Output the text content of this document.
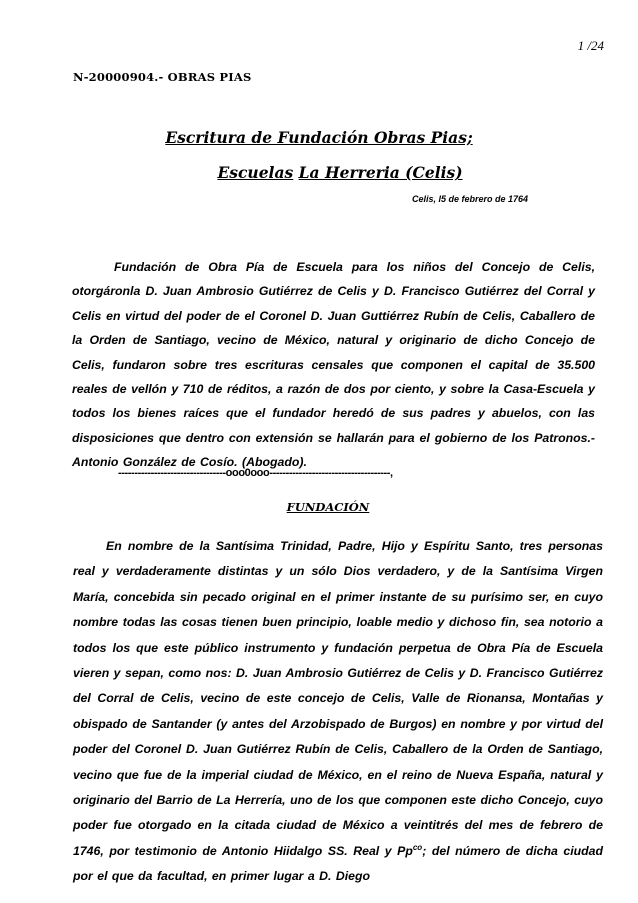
1 /24
N-20000904.- OBRAS PIAS
Escritura de Fundación Obras Pias;
Escuelas La Herreria (Celis)
Celis, l5 de febrero de 1764
Fundación de Obra Pía de Escuela para los niños del Concejo de Celis, otorgáronla D. Juan Ambrosio Gutiérrez de Celis y D. Francisco Gutiérrez del Corral y Celis en virtud del poder de el Coronel D. Juan Guttiérrez Rubín de Celis, Caballero de la Orden de Santiago, vecino de México, natural y originario de dicho Concejo de Celis, fundaron sobre tres escrituras censales que componen el capital de 35.500 reales de vellón y 710 de réditos, a razón de dos por ciento, y sobre la Casa-Escuela y todos los bienes raíces que el fundador heredó de sus padres y abuelos, con las disposiciones que dentro con extensión se hallarán para el gobierno de los Patronos.- Antonio González de Cosío. (Abogado).
---------------------------------ooo0ooo-------------------------------------,
FUNDACIÓN
En nombre de la Santísima Trinidad, Padre, Hijo y Espíritu Santo, tres personas real y verdaderamente distintas y un sólo Dios verdadero, y de la Santísima Virgen María, concebida sin pecado original en el primer instante de su purísimo ser, en cuyo nombre todas las cosas tienen buen principio, loable medio y dichoso fin, sea notorio a todos los que este público instrumento y fundación perpetua de Obra Pía de Escuela vieren y sepan, como nos: D. Juan Ambrosio Gutiérrez de Celis y D. Francisco Gutiérrez del Corral de Celis, vecino de este concejo de Celis, Valle de Rionansa, Montañas y obispado de Santander (y antes del Arzobispado de Burgos) en nombre y por virtud del poder del Coronel D. Juan Gutiérrez Rubín de Celis, Caballero de la Orden de Santiago, vecino que fue de la imperial ciudad de México, en el reino de Nueva España, natural y originario del Barrio de La Herrería, uno de los que componen este dicho Concejo, cuyo poder fue otorgado en la citada ciudad de México a veintitrés del mes de febrero de 1746, por testimonio de Antonio Hiidalgo SS. Real y $Pp^{co}$; del número de dicha ciudad por el que da facultad, en primer lugar a D. Diego
